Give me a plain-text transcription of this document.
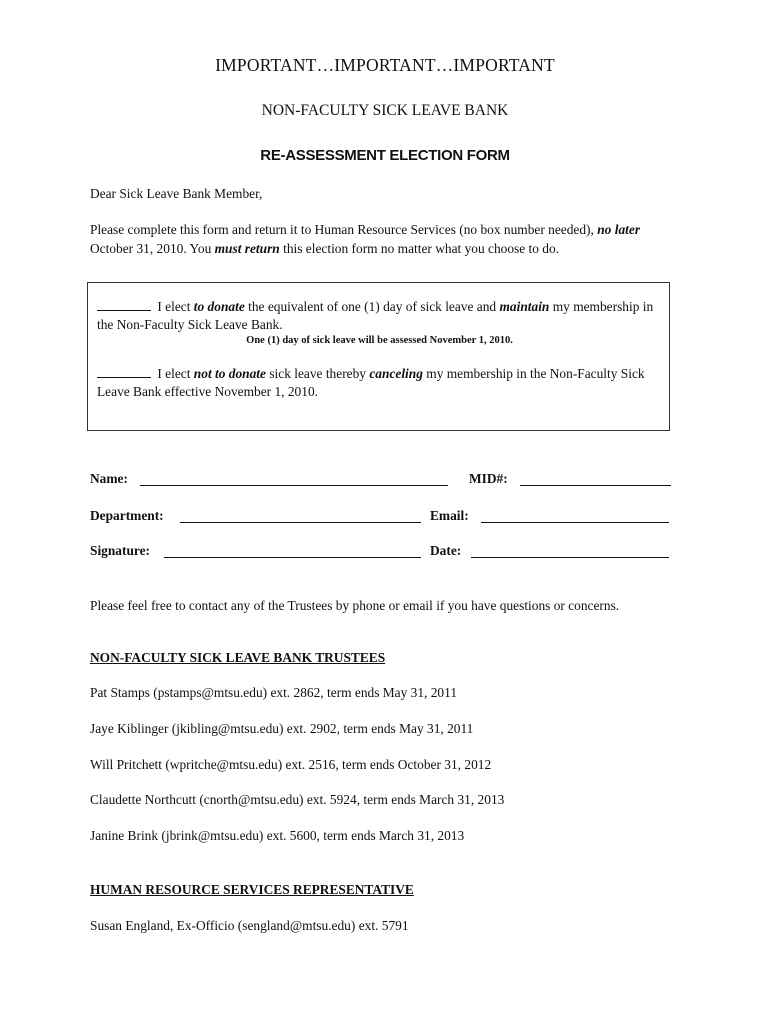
IMPORTANT…IMPORTANT…IMPORTANT
NON-FACULTY SICK LEAVE BANK
RE-ASSESSMENT ELECTION FORM
Dear Sick Leave Bank Member,
Please complete this form and return it to Human Resource Services (no box number needed), no later October 31, 2010. You must return this election form no matter what you choose to do.
I elect to donate the equivalent of one (1) day of sick leave and maintain my membership in the Non-Faculty Sick Leave Bank.
One (1) day of sick leave will be assessed November 1, 2010.
I elect not to donate sick leave thereby canceling my membership in the Non-Faculty Sick Leave Bank effective November 1, 2010.
Name:	MID#:
Department:	Email:
Signature:	Date:
Please feel free to contact any of the Trustees by phone or email if you have questions or concerns.
NON-FACULTY SICK LEAVE BANK TRUSTEES
Pat Stamps (pstamps@mtsu.edu) ext. 2862, term ends May 31, 2011
Jaye Kiblinger (jkibling@mtsu.edu) ext. 2902, term ends May 31, 2011
Will Pritchett (wpritche@mtsu.edu) ext. 2516, term ends October 31, 2012
Claudette Northcutt (cnorth@mtsu.edu) ext. 5924, term ends March 31, 2013
Janine Brink (jbrink@mtsu.edu) ext. 5600, term ends March 31, 2013
HUMAN RESOURCE SERVICES REPRESENTATIVE
Susan England, Ex-Officio (sengland@mtsu.edu) ext. 5791
